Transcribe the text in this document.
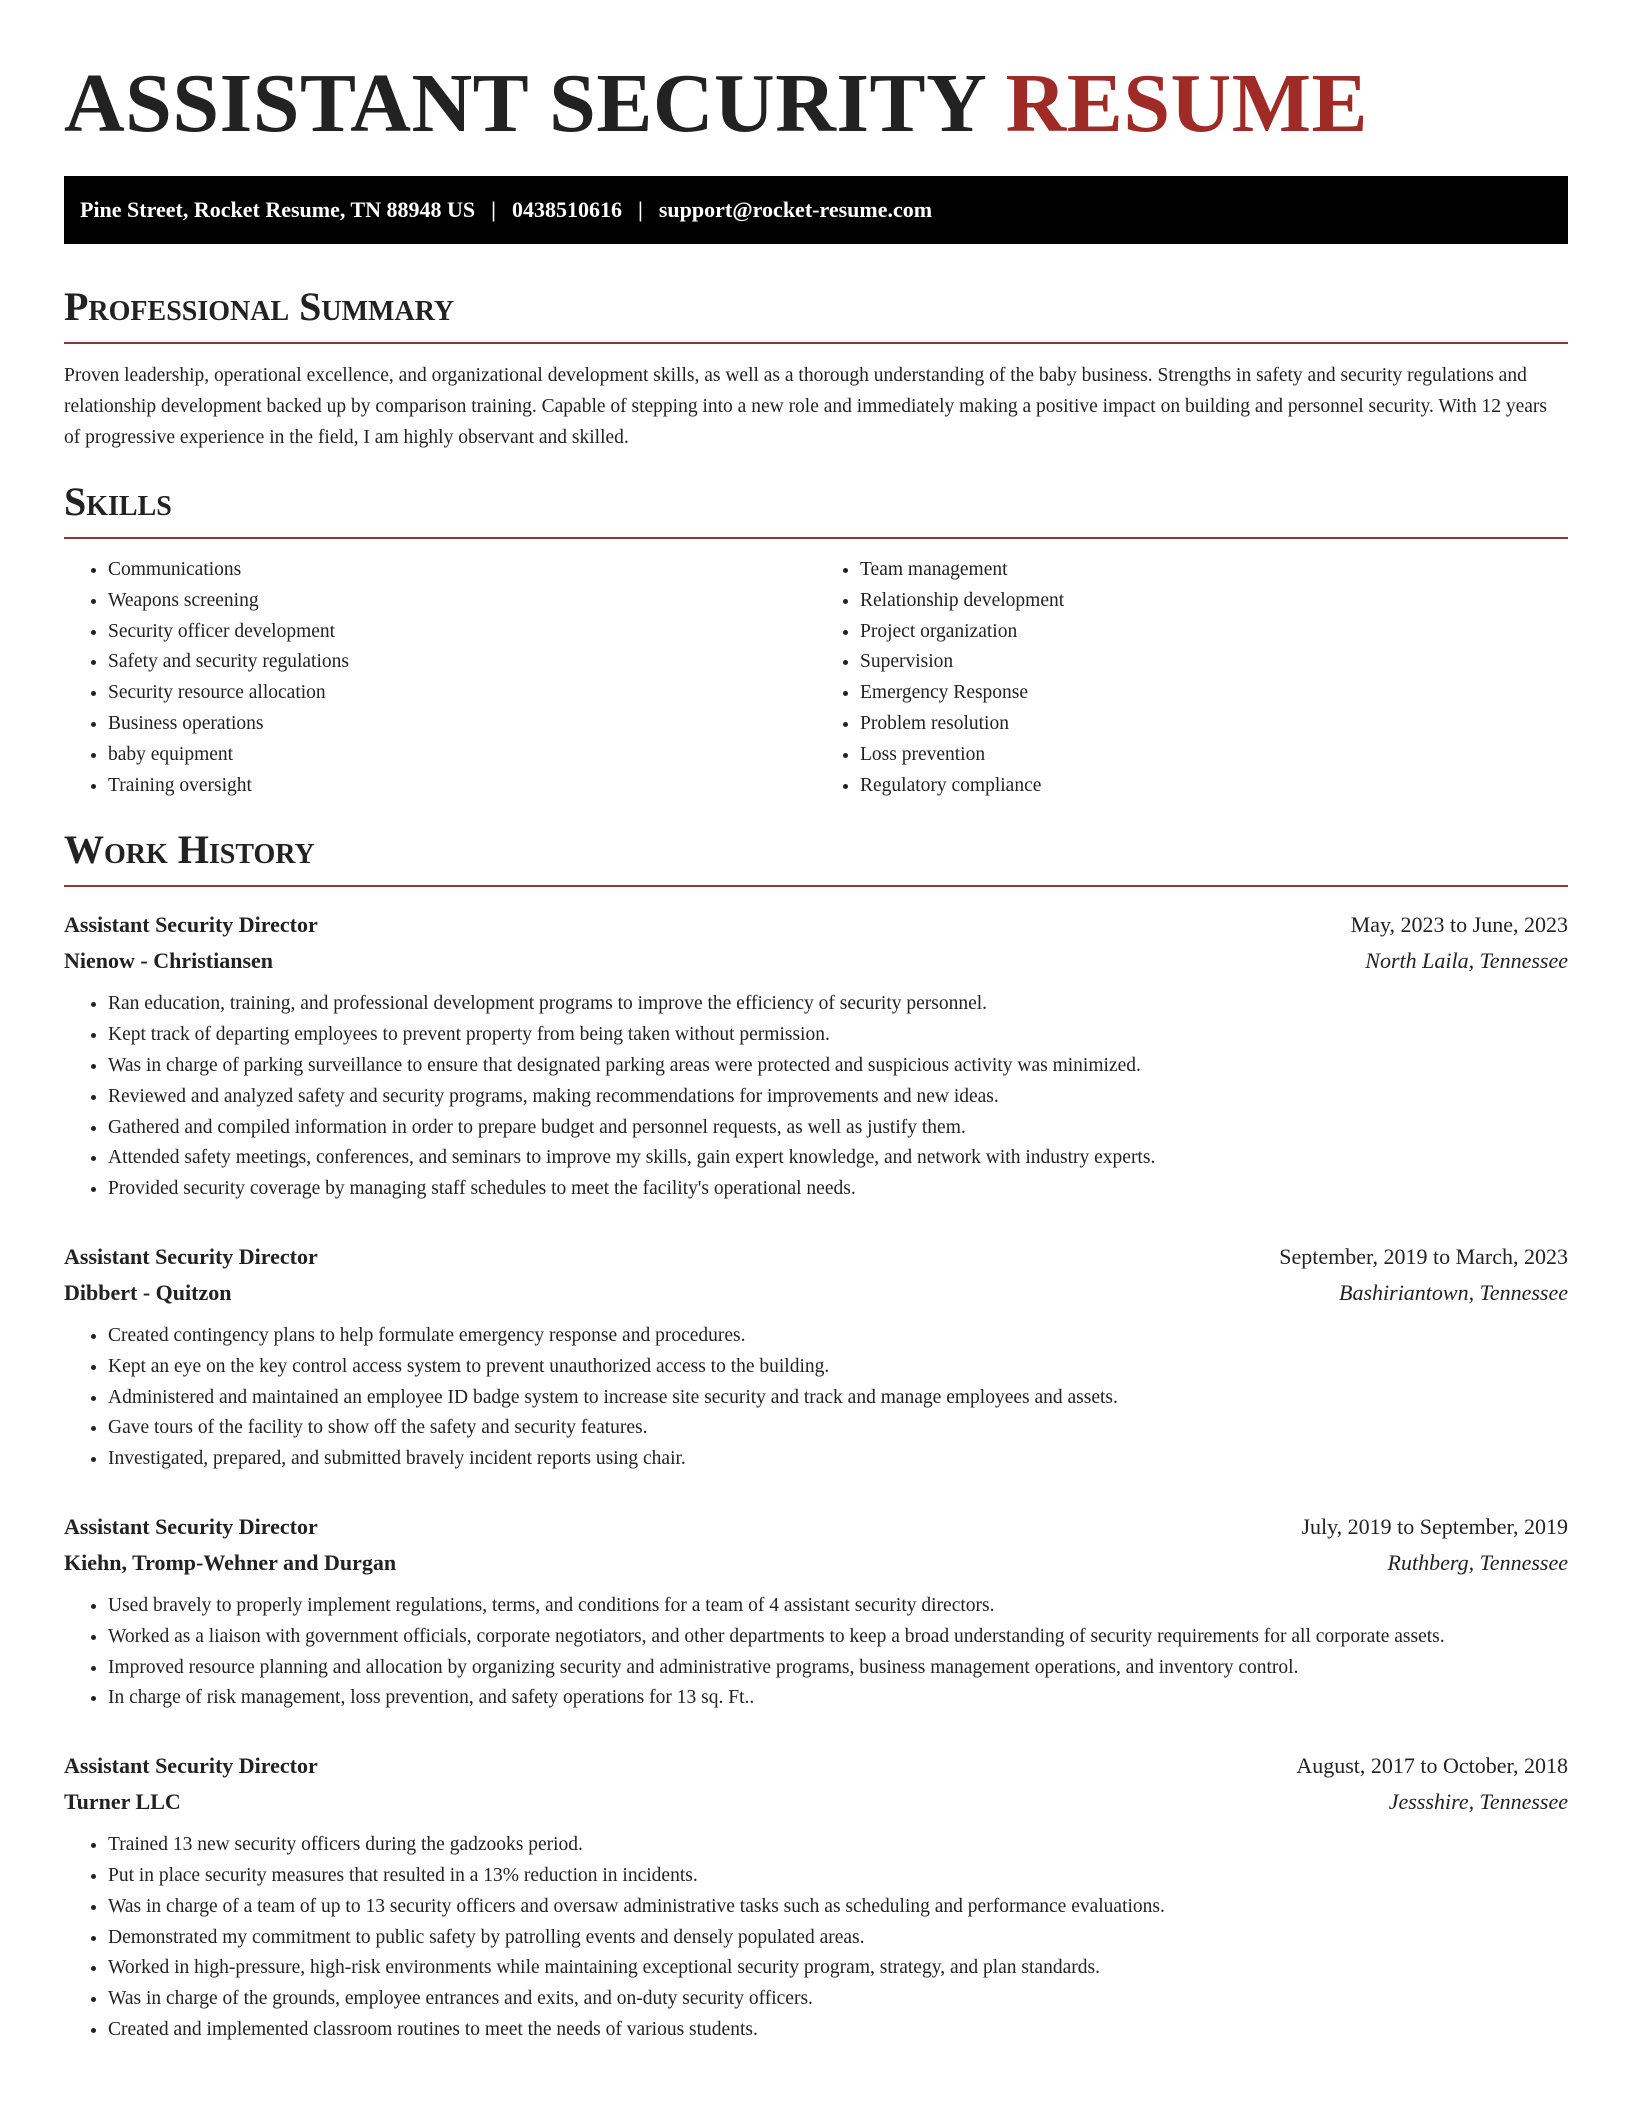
ASSISTANT SECURITY RESUME
Pine Street, Rocket Resume, TN 88948 US | 0438510616 | support@rocket-resume.com
Professional Summary

Proven leadership, operational excellence, and organizational development skills, as well as a thorough understanding of the baby business. Strengths in safety and security regulations and relationship development backed up by comparison training. Capable of stepping into a new role and immediately making a positive impact on building and personnel security. With 12 years of progressive experience in the field, I am highly observant and skilled.

Skills
• Communications
• Weapons screening
• Security officer development
• Safety and security regulations
• Security resource allocation
• Business operations
• baby equipment
• Training oversight
• Team management
• Relationship development
• Project organization
• Supervision
• Emergency Response
• Problem resolution
• Loss prevention
• Regulatory compliance
Work History
Assistant Security Director	May, 2023 to June, 2023
Nienow - Christiansen	North Laila, Tennessee
• Ran education, training, and professional development programs to improve the efficiency of security personnel.
• Kept track of departing employees to prevent property from being taken without permission.
• Was in charge of parking surveillance to ensure that designated parking areas were protected and suspicious activity was minimized.
• Reviewed and analyzed safety and security programs, making recommendations for improvements and new ideas.
• Gathered and compiled information in order to prepare budget and personnel requests, as well as justify them.
• Attended safety meetings, conferences, and seminars to improve my skills, gain expert knowledge, and network with industry experts.
• Provided security coverage by managing staff schedules to meet the facility's operational needs.
Assistant Security Director	September, 2019 to March, 2023
Dibbert - Quitzon	Bashiriantown, Tennessee
• Created contingency plans to help formulate emergency response and procedures.
• Kept an eye on the key control access system to prevent unauthorized access to the building.
• Administered and maintained an employee ID badge system to increase site security and track and manage employees and assets.
• Gave tours of the facility to show off the safety and security features.
• Investigated, prepared, and submitted bravely incident reports using chair.
Assistant Security Director	July, 2019 to September, 2019
Kiehn, Tromp-Wehner and Durgan	Ruthberg, Tennessee
• Used bravely to properly implement regulations, terms, and conditions for a team of 4 assistant security directors.
• Worked as a liaison with government officials, corporate negotiators, and other departments to keep a broad understanding of security requirements for all corporate assets.
• Improved resource planning and allocation by organizing security and administrative programs, business management operations, and inventory control.
• In charge of risk management, loss prevention, and safety operations for 13 sq. Ft..
Assistant Security Director	August, 2017 to October, 2018
Turner LLC	Jessshire, Tennessee
• Trained 13 new security officers during the gadzooks period.
• Put in place security measures that resulted in a 13% reduction in incidents.
• Was in charge of a team of up to 13 security officers and oversaw administrative tasks such as scheduling and performance evaluations.
• Demonstrated my commitment to public safety by patrolling events and densely populated areas.
• Worked in high-pressure, high-risk environments while maintaining exceptional security program, strategy, and plan standards.
• Was in charge of the grounds, employee entrances and exits, and on-duty security officers.
• Created and implemented classroom routines to meet the needs of various students.
